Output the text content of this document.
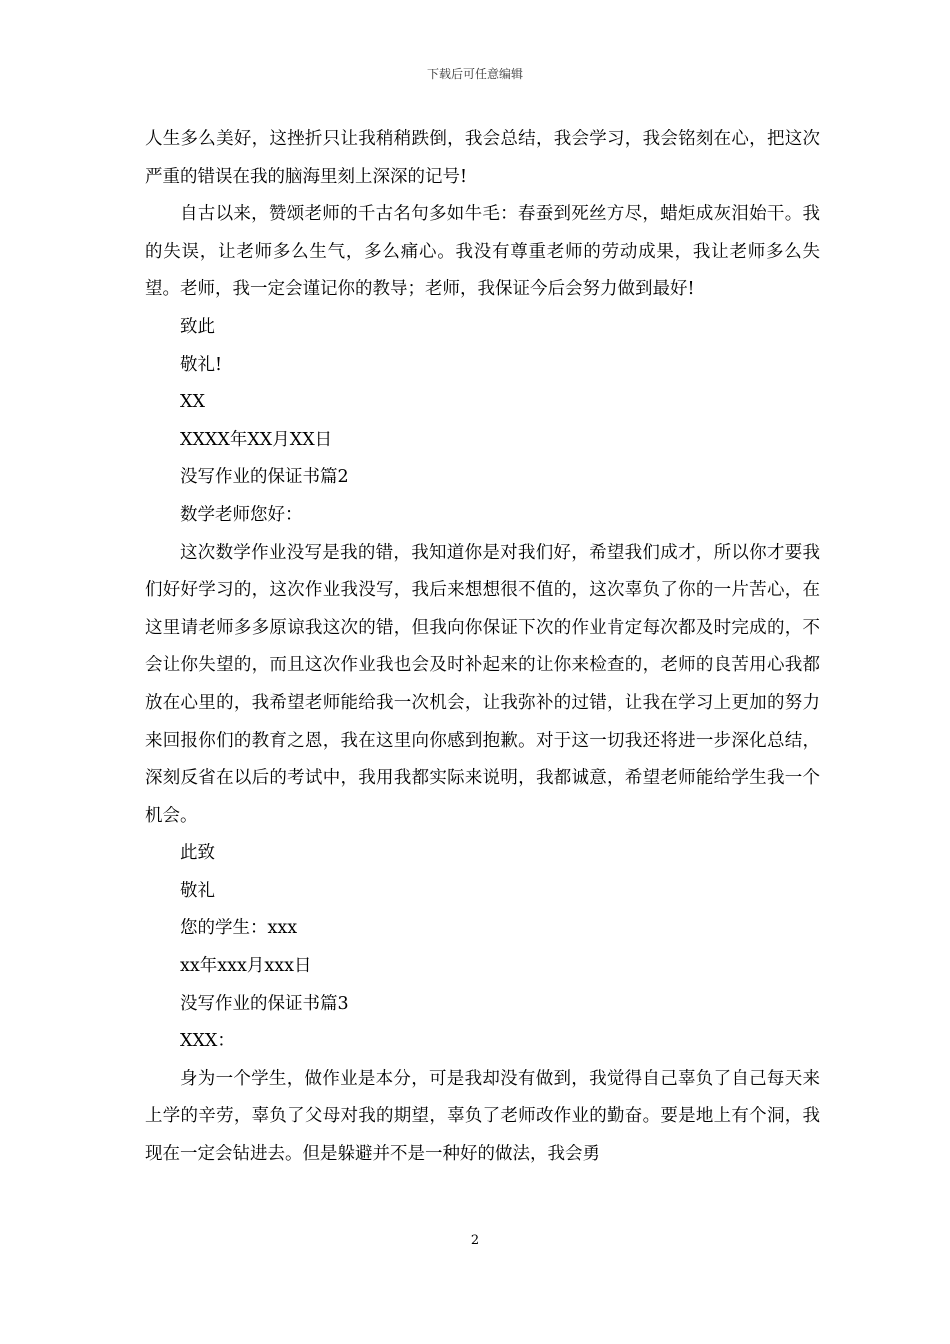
下载后可任意编辑

人生多么美好，这挫折只让我稍稍跌倒，我会总结，我会学习，我会铭刻在心，把这次严重的错误在我的脑海里刻上深深的记号!

自古以来，赞颂老师的千古名句多如牛毛：春蚕到死丝方尽，蜡炬成灰泪始干。我的失误，让老师多么生气，多么痛心。我没有尊重老师的劳动成果，我让老师多么失望。老师，我一定会谨记你的教导；老师，我保证今后会努力做到最好!

致此

敬礼!

XX

XXXX年XX月XX日

没写作业的保证书篇2

数学老师您好：

这次数学作业没写是我的错，我知道你是对我们好，希望我们成才，所以你才要我们好好学习的，这次作业我没写，我后来想想很不值的，这次辜负了你的一片苦心，在这里请老师多多原谅我这次的错，但我向你保证下次的作业肯定每次都及时完成的，不会让你失望的，而且这次作业我也会及时补起来的让你来检查的，老师的良苦用心我都放在心里的，我希望老师能给我一次机会，让我弥补的过错，让我在学习上更加的努力来回报你们的教育之恩，我在这里向你感到抱歉。对于这一切我还将进一步深化总结，深刻反省在以后的考试中，我用我都实际来说明，我都诚意，希望老师能给学生我一个机会。

此致

敬礼

您的学生：xxx

xx年xxx月xxx日

没写作业的保证书篇3

XXX：

身为一个学生，做作业是本分，可是我却没有做到，我觉得自己辜负了自己每天来上学的辛劳，辜负了父母对我的期望，辜负了老师改作业的勤奋。要是地上有个洞，我现在一定会钻进去。但是躲避并不是一种好的做法，我会勇

2
